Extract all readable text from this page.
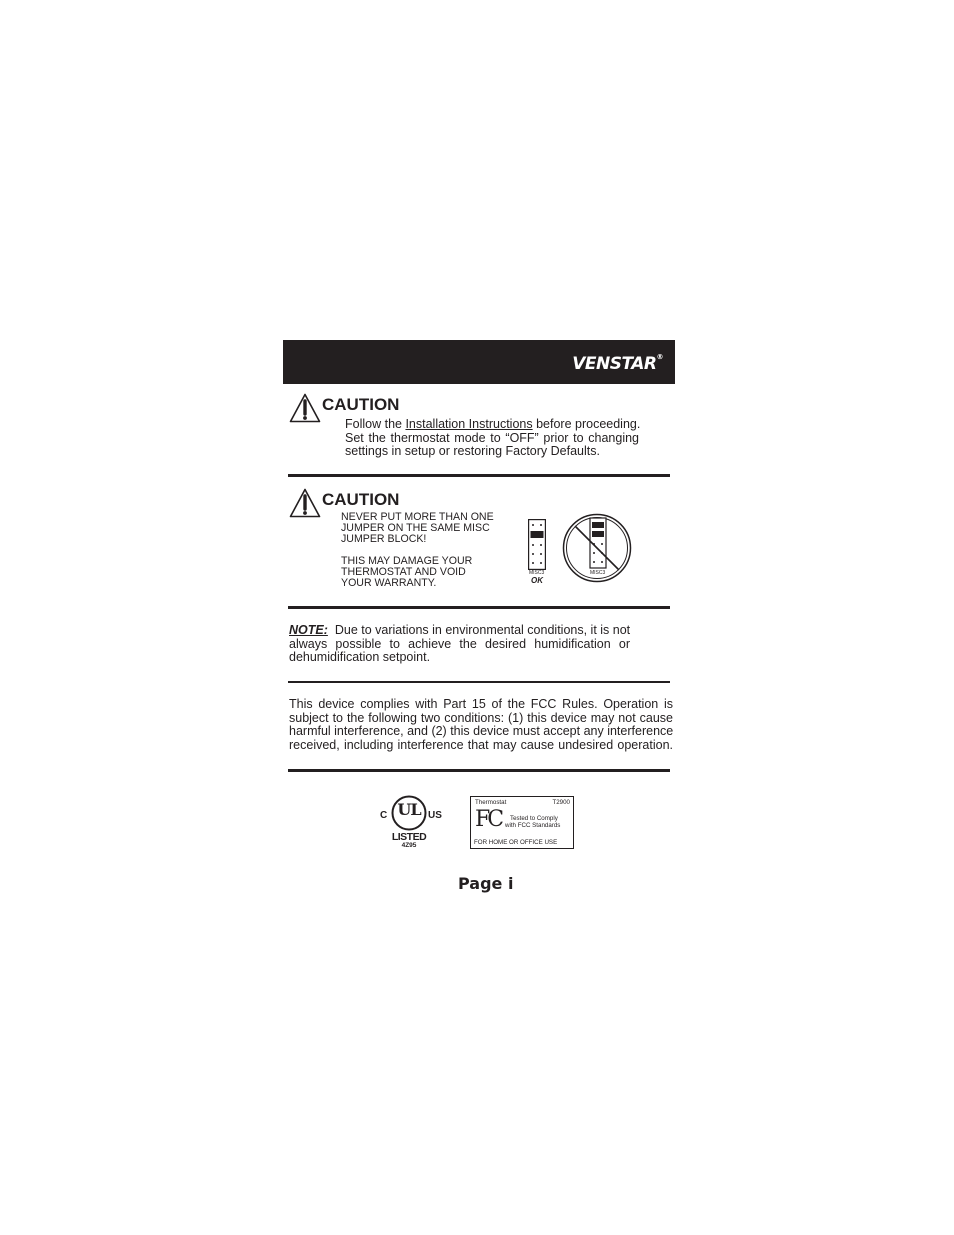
VENSTAR®
CAUTION
Follow the Installation Instructions before proceeding.
Set the thermostat mode to “OFF” prior to changing
settings in setup or restoring Factory Defaults.
CAUTION
NEVER PUT MORE THAN ONE
JUMPER ON THE SAME MISC
JUMPER BLOCK!
THIS MAY DAMAGE YOUR
THERMOSTAT AND VOID
YOUR WARRANTY.
MISC3
OK
MISC3
NOTE: Due to variations in environmental conditions, it is not
always possible to achieve the desired humidification or
dehumidification setpoint.
This device complies with Part 15 of the FCC Rules. Operation is
subject to the following two conditions: (1) this device may not cause
harmful interference, and (2) this device must accept any interference
received, including interference that may cause undesired operation.
UL
C	US
LISTED
4Z95
Thermostat	T2900
FC Tested to Comply
with FCC Standards
FOR HOME OR OFFICE USE
Page i
